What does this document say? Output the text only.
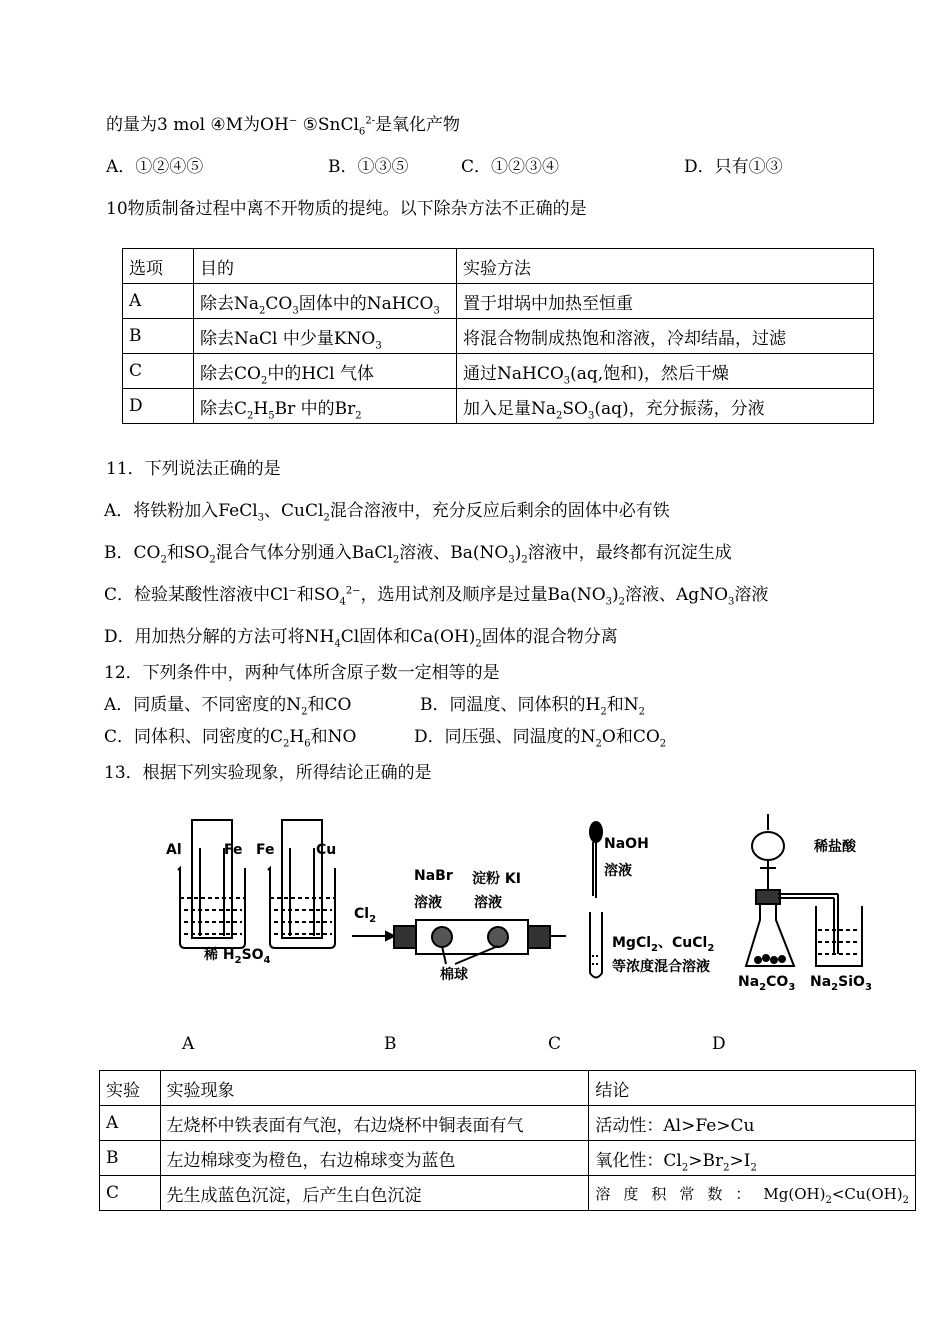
的量为3 mol ④M为OH− ⑤SnCl$_6^{2-}$是氧化产物
A．①②④⑤	B．①③⑤	C．①②③④	D．只有①③
10物质制备过程中离不开物质的提纯。以下除杂方法不正确的是
选项	目的	实验方法
A	除去$Na_2CO_3$固体中的NaHCO$_3$	置于坩埚中加热至恒重
B	除去NaCl 中少量$KNO_3$	将混合物制成热饱和溶液，冷却结晶，过滤
C	除去$CO_2$中的HCl 气体	通过NaHCO$_3$(aq,饱和)，然后干燥
D	除去$C_2H_5Br$ 中的$Br_2$	加入足量$Na_2SO_3(aq)$，充分振荡，分液
11．下列说法正确的是
A．将铁粉加入FeCl$_3$、CuCl$_2$混合溶液中，充分反应后剩余的固体中必有铁
B．$CO_2$和$SO_2$混合气体分别通入BaCl$_2$溶液、$Ba(NO_3)_2$溶液中，最终都有沉淀生成
C．检验某酸性溶液中Cl−和$SO_4^{2-}$，选用试剂及顺序是过量$Ba(NO_3)_2$溶液、AgNO$_3$溶液
D．用加热分解的方法可将$NH_4Cl$固体和$Ca(OH)_2$固体的混合物分离
12．下列条件中，两种气体所含原子数一定相等的是
A．同质量、不同密度的$N_2$和CO	B．同温度、同体积的$H_2$和$N_2$
C．同体积、同密度的$C_2H_6$和NO	D．同压强、同温度的$N_2O$和$CO_2$
13．根据下列实验现象，所得结论正确的是
Al	Fe Fe	Cu
稀 $H_2SO_4$
NaBr
溶液
淀粉 KI
溶液
$Cl_2$
棉球
NaOH
溶液
MgCl$_2$、CuCl$_2$
等浓度混合溶液
稀盐酸
$Na_2CO_3$ $Na_2SiO_3$
A	B	C	D
实验	实验现象	结论
A	左烧杯中铁表面有气泡，右边烧杯中铜表面有气	活动性：Al>Fe>Cu
B	左边棉球变为橙色，右边棉球变为蓝色	氧化性：$Cl_2>Br_2>I_2$
C	先生成蓝色沉淀，后产生白色沉淀	溶度积常数：$Mg(OH)_2<Cu(OH)_2$
